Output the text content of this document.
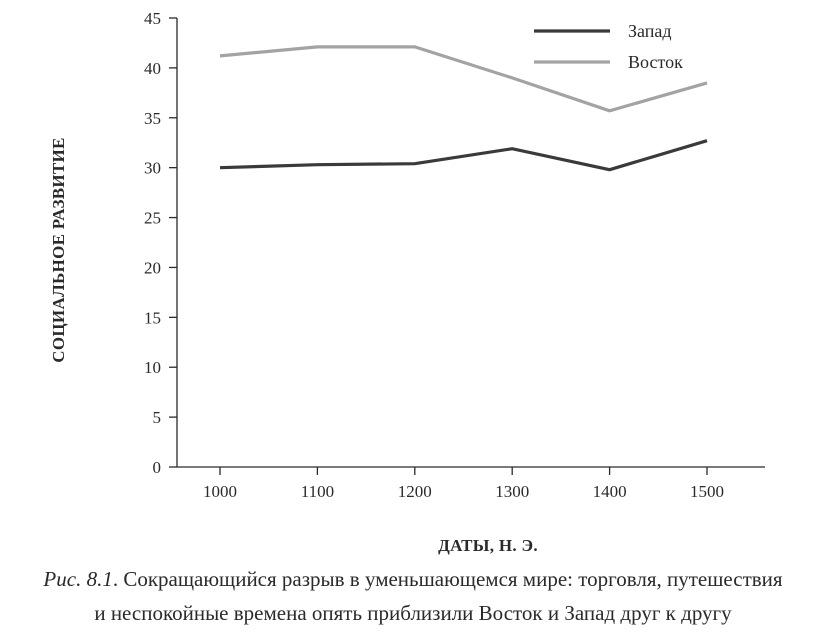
0
5
10
15
20
25
30
35
40
45
1000	1100	1200	1300	1400	1500
Запад
Восток
ДАТЫ, Н. Э.
СОЦИАЛЬНОЕ РАЗВИТИЕ
Рис. 8.1. Сокращающийся разрыв в уменьшающемся мире: торговля, путешествия
и неспокойные времена опять приблизили Восток и Запад друг к другу
